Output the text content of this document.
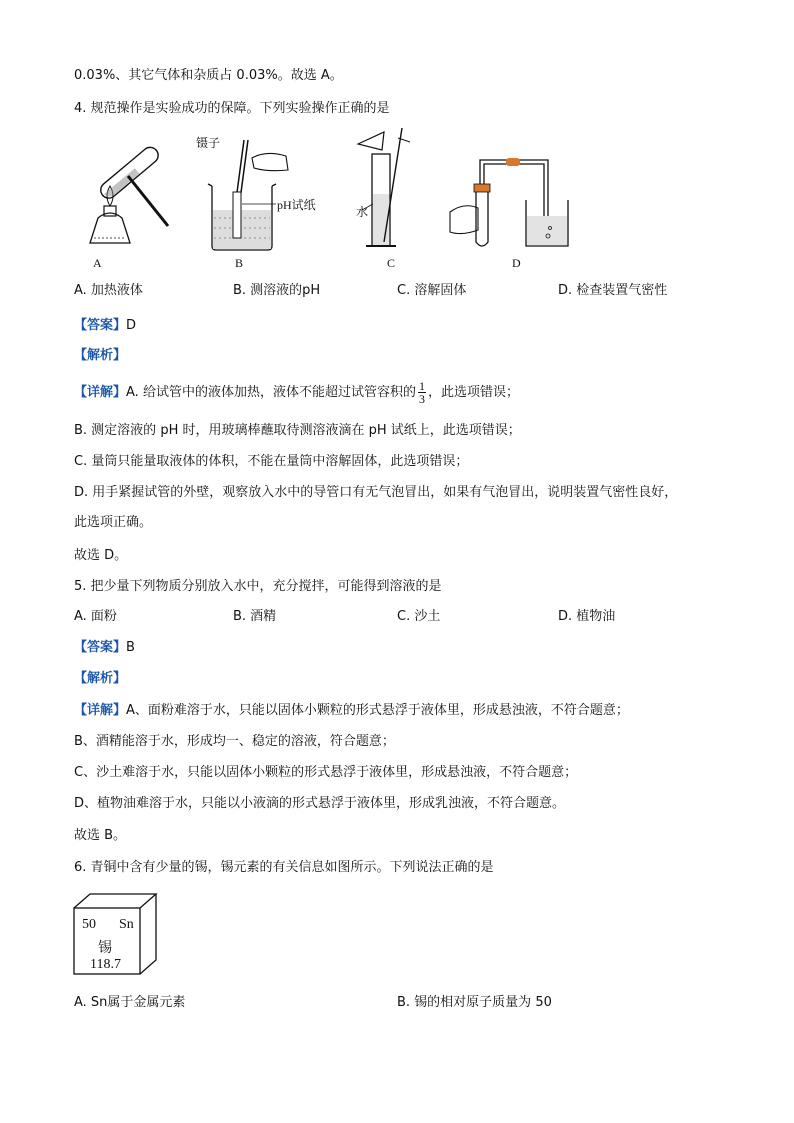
0.03%、其它气体和杂质占 0.03%。故选 A。
4. 规范操作是实验成功的保障。下列实验操作正确的是
A
镊子
pH试纸
B
水
C	D
A. 加热液体	B. 测溶液的pH	C. 溶解固体	D. 检查装置气密性
【答案】D
【解析】
【详解】A. 给试管中的液体加热，液体不能超过试管容积的 $\frac{1}{3}$ ，此选项错误；
B. 测定溶液的 pH 时，用玻璃棒蘸取待测溶液滴在 pH 试纸上，此选项错误；
C. 量筒只能量取液体的体积，不能在量筒中溶解固体，此选项错误；
D. 用手紧握试管的外壁，观察放入水中的导管口有无气泡冒出，如果有气泡冒出，说明装置气密性良好，
此选项正确。
故选 D。
5. 把少量下列物质分别放入水中，充分搅拌，可能得到溶液的是
A. 面粉	B. 酒精	C. 沙土	D. 植物油
【答案】B
【解析】
【详解】A、面粉难溶于水，只能以固体小颗粒的形式悬浮于液体里，形成悬浊液，不符合题意；
B、酒精能溶于水，形成均一、稳定的溶液，符合题意；
C、沙土难溶于水，只能以固体小颗粒的形式悬浮于液体里，形成悬浊液，不符合题意；
D、植物油难溶于水，只能以小液滴的形式悬浮于液体里，形成乳浊液，不符合题意。
故选 B。
6. 青铜中含有少量的锡，锡元素的有关信息如图所示。下列说法正确的是
50 Sn
锡
118.7
A. Sn属于金属元素	B. 锡的相对原子质量为 50
